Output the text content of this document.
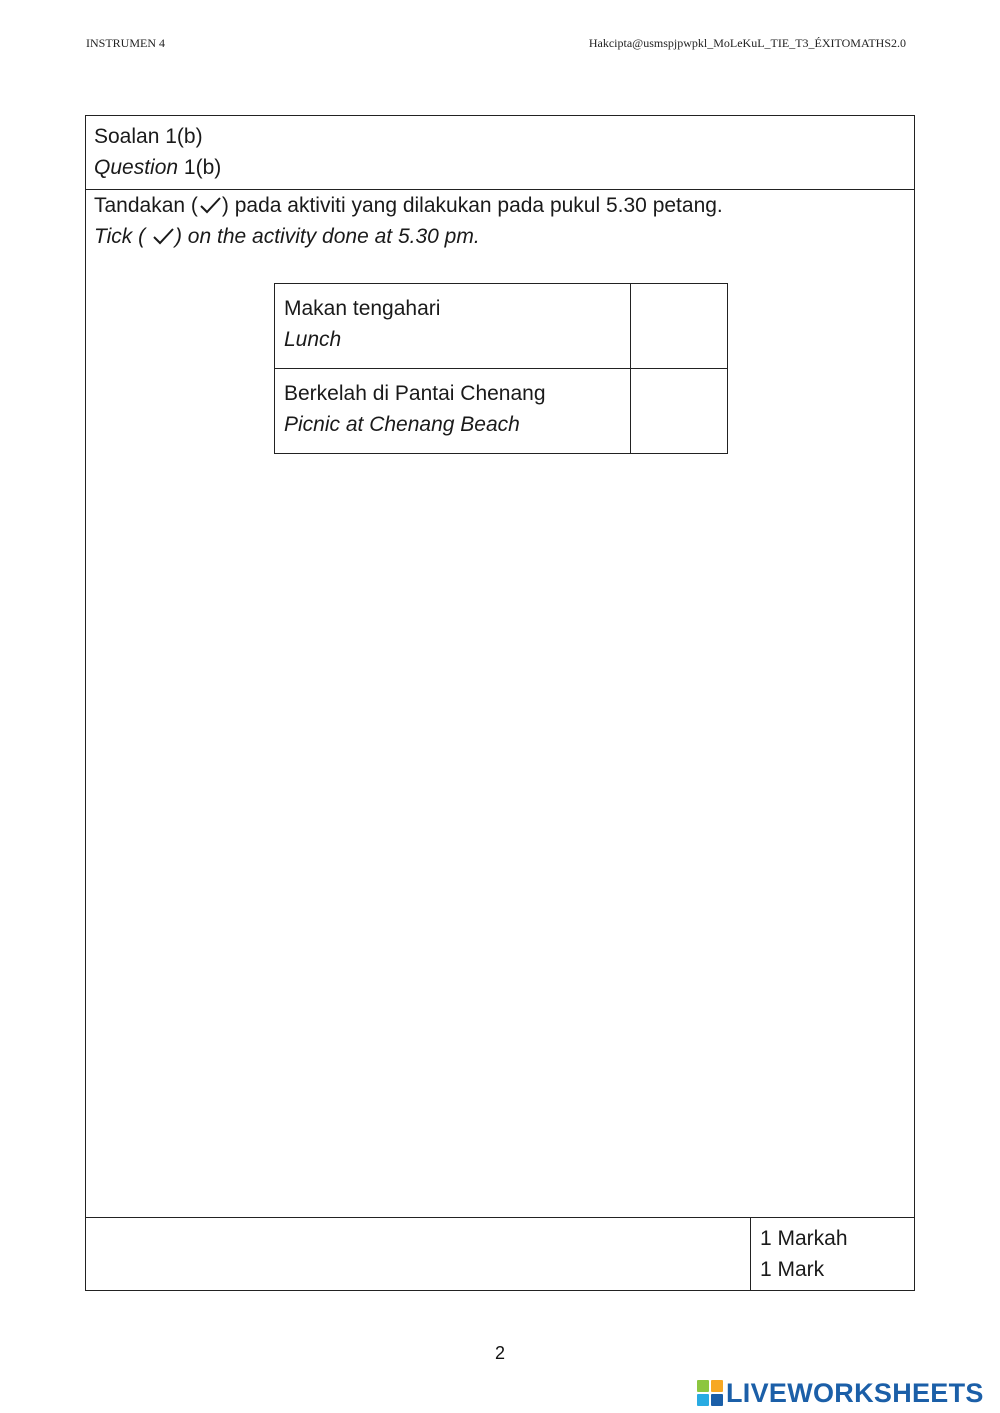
INSTRUMEN 4	Hakcipta@usmspjpwpkl_MoLeKuL_TIE_T3_ÉXITOMATHS2.0
Soalan 1(b)
Question 1(b)
Tandakan ( ) pada aktiviti yang dilakukan pada pukul 5.30 petang.
Tick ( ) on the activity done at 5.30 pm.
Makan tengahari
Lunch	

Berkelah di Pantai Chenang
Picnic at Chenang Beach	

1 Markah
1 Mark
2
LIVEWORKSHEETS
